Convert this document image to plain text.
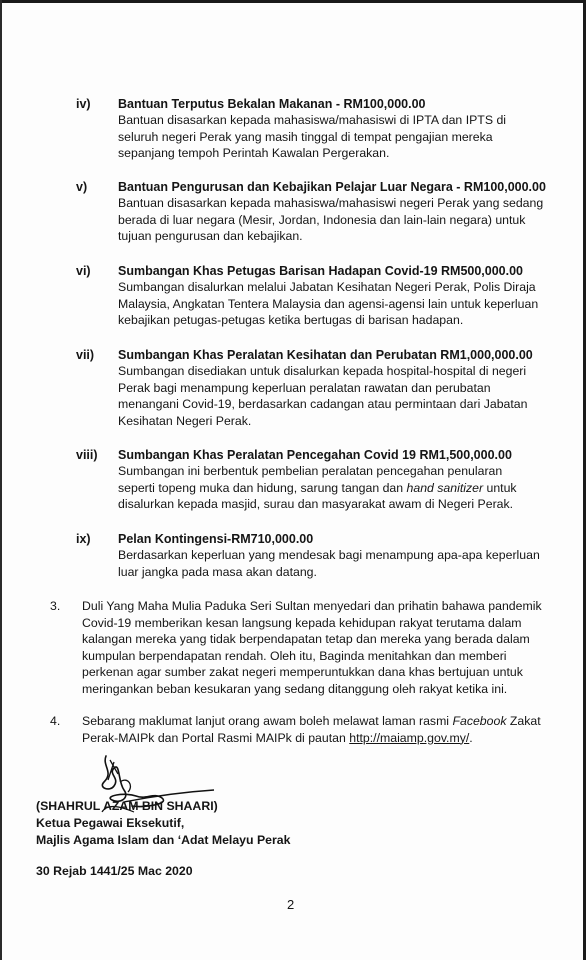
iv) Bantuan Terputus Bekalan Makanan - RM100,000.00
Bantuan disasarkan kepada mahasiswa/mahasiswi di IPTA dan IPTS di
seluruh negeri Perak yang masih tinggal di tempat pengajian mereka
sepanjang tempoh Perintah Kawalan Pergerakan.
v) Bantuan Pengurusan dan Kebajikan Pelajar Luar Negara - RM100,000.00
Bantuan disasarkan kepada mahasiswa/mahasiswi negeri Perak yang sedang
berada di luar negara (Mesir, Jordan, Indonesia dan lain-lain negara) untuk
tujuan pengurusan dan kebajikan.
vi) Sumbangan Khas Petugas Barisan Hadapan Covid-19 RM500,000.00
Sumbangan disalurkan melalui Jabatan Kesihatan Negeri Perak, Polis Diraja
Malaysia, Angkatan Tentera Malaysia dan agensi-agensi lain untuk keperluan
kebajikan petugas-petugas ketika bertugas di barisan hadapan.
vii) Sumbangan Khas Peralatan Kesihatan dan Perubatan RM1,000,000.00
Sumbangan disediakan untuk disalurkan kepada hospital-hospital di negeri
Perak bagi menampung keperluan peralatan rawatan dan perubatan
menangani Covid-19, berdasarkan cadangan atau permintaan dari Jabatan
Kesihatan Negeri Perak.
viii) Sumbangan Khas Peralatan Pencegahan Covid 19 RM1,500,000.00
Sumbangan ini berbentuk pembelian peralatan pencegahan penularan
seperti topeng muka dan hidung, sarung tangan dan hand sanitizer untuk
disalurkan kepada masjid, surau dan masyarakat awam di Negeri Perak.
ix) Pelan Kontingensi-RM710,000.00
Berdasarkan keperluan yang mendesak bagi menampung apa-apa keperluan
luar jangka pada masa akan datang.
3. Duli Yang Maha Mulia Paduka Seri Sultan menyedari dan prihatin bahawa pandemik
Covid-19 memberikan kesan langsung kepada kehidupan rakyat terutama dalam
kalangan mereka yang tidak berpendapatan tetap dan mereka yang berada dalam
kumpulan berpendapatan rendah. Oleh itu, Baginda menitahkan dan memberi
perkenan agar sumber zakat negeri memperuntukkan dana khas bertujuan untuk
meringankan beban kesukaran yang sedang ditanggung oleh rakyat ketika ini.
4. Sebarang maklumat lanjut orang awam boleh melawat laman rasmi Facebook Zakat
Perak-MAIPk dan Portal Rasmi MAIPk di pautan http://maiamp.gov.my/.
(SHAHRUL AZAM BIN SHAARI)
Ketua Pegawai Eksekutif,
Majlis Agama Islam dan ‘Adat Melayu Perak
30 Rejab 1441/25 Mac 2020
2
